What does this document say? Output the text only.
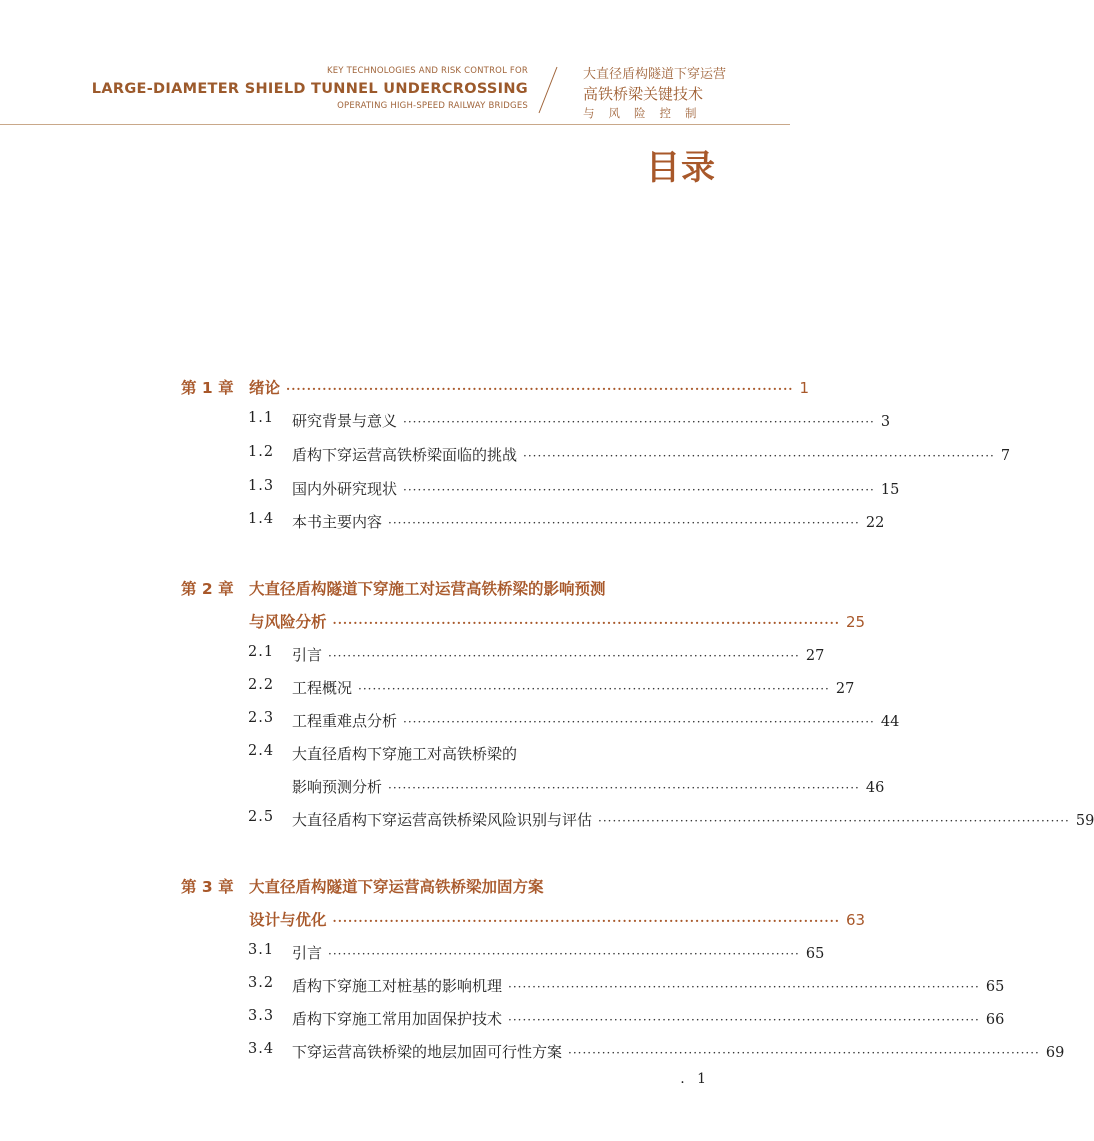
KEY TECHNOLOGIES AND RISK CONTROL FOR
LARGE-DIAMETER SHIELD TUNNEL UNDERCROSSING
OPERATING HIGH-SPEED RAILWAY BRIDGES
大直径盾构隧道下穿运营
高铁桥梁关键技术
与风险控制
目录
第 1 章 绪论 ·································································································· 1
1.1 研究背景与意义 ·································································································· 3
1.2 盾构下穿运营高铁桥梁面临的挑战 ·································································································· 7
1.3 国内外研究现状 ·································································································· 15
1.4 本书主要内容 ·································································································· 22
第 2 章 大直径盾构隧道下穿施工对运营高铁桥梁的影响预测
与风险分析 ·································································································· 25
2.1 引言 ·································································································· 27
2.2 工程概况 ·································································································· 27
2.3 工程重难点分析 ·································································································· 44
2.4 大直径盾构下穿施工对高铁桥梁的
影响预测分析 ·································································································· 46
2.5 大直径盾构下穿运营高铁桥梁风险识别与评估 ·································································································· 59
第 3 章 大直径盾构隧道下穿运营高铁桥梁加固方案
设计与优化 ·································································································· 63
3.1 引言 ·································································································· 65
3.2 盾构下穿施工对桩基的影响机理 ·································································································· 65
3.3 盾构下穿施工常用加固保护技术 ·································································································· 66
3.4 下穿运营高铁桥梁的地层加固可行性方案 ·································································································· 69
. 1
